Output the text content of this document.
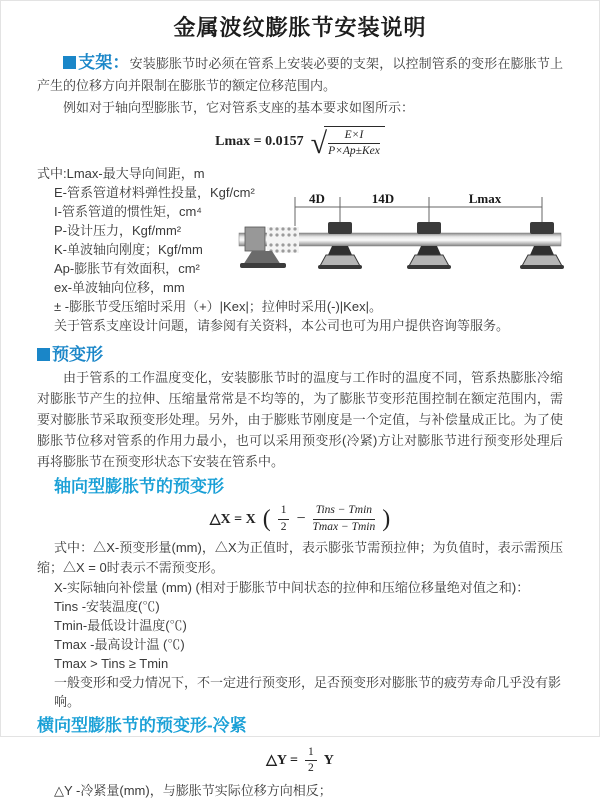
金属波纹膨胀节安装说明

支架：安装膨胀节时必须在管系上安装必要的支架，以控制管系的变形在膨胀节上产生的位移方向并限制在膨胀节的额定位移范围内。

例如对于轴向型膨胀节，它对管系支座的基本要求如图所示：

Lmax = 0.0157 √ $\frac{E\times I}{\text{P×Ap±Kex}}$
式中:Lmax-最大导向间距，m
E-管系管道材料弹性投量，Kgf/cm²
I-管系管道的惯性矩，cm⁴
P-设计压力，Kgf/mm²
K-单波轴向刚度；Kgf/mm
Ap-膨胀节有效面积，cm²
ex-单波轴向位移，mm
± -膨胀节受压缩时采用（+）|Kex|；拉伸时采用(-)|Kex|。
关于管系支座设计问题，请参阅有关资料，本公司也可为用户提供咨询等服务。
预变形

由于管系的工作温度变化，安装膨胀节时的温度与工作时的温度不同，管系热膨胀冷缩对膨胀节产生的拉伸、压缩量常常是不均等的，为了膨胀节变形范围控制在额定范围内，需要对膨胀节采取预变形处理。另外，由于膨账节刚度是一个定值，与补偿量成正比。为了使膨胀节位移对管系的作用力最小，也可以采用预变形(冷紧)方让对膨胀节进行预变形处理后再将膨胀节在预变形状态下安装在管系中。

轴向型膨胀节的预变形
△X = X ( $\frac{1}{2} - \frac{\text{Tins − Tmin}}{Tmax - Tmin}$ )

式中：△X-预变形量(mm)，△X为正值时，表示膨张节需预拉伸；为负值时，表示需预压缩；△X = 0时表示不需预变形。

X-实际轴向补偿量 (mm) (相对于膨胀节中间状态的拉伸和压缩位移量绝对值之和)：
Tins -安装温度(℃)
Tmin-最低设计温度(℃)
Tmax -最高设计温 (℃)
Tmax > Tins ≥ Tmin
一般变形和受力情况下，不一定进行预变形，足否预变形对膨胀节的疲劳寿命几乎没有影响。
横向型膨胀节的预变形-冷紧
△Y = $\frac{1}{2}$ Y
△Y -冷紧量(mm)，与膨胀节实际位移方向相反；
4D	14D	Lmax
